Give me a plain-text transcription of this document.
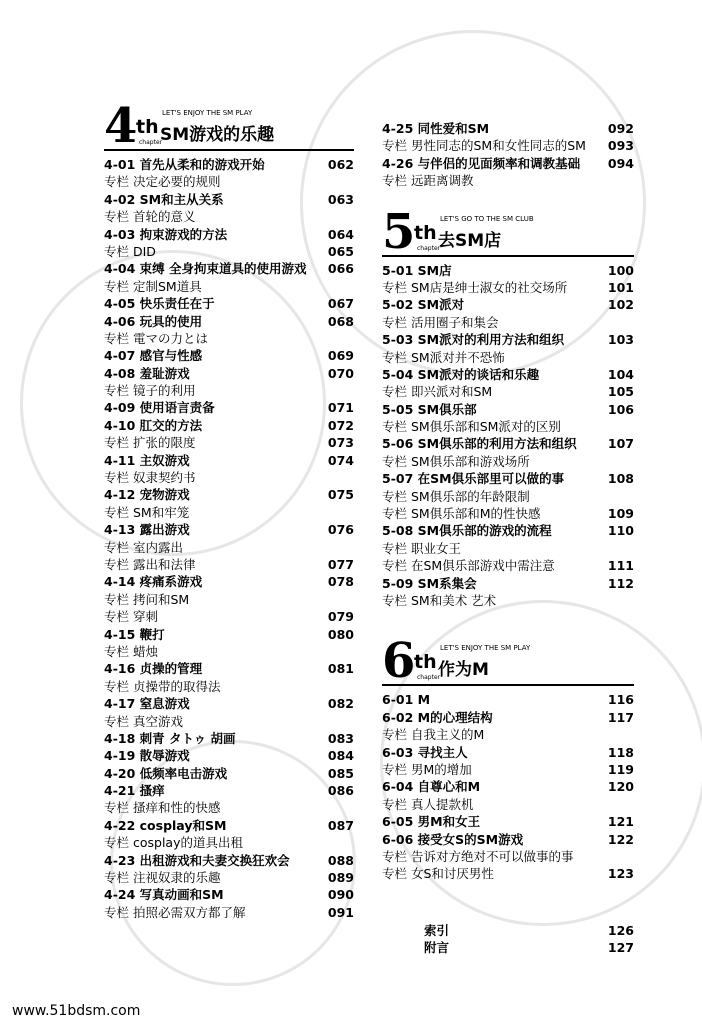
4 th
chapter
LET'S ENJOY THE SM PLAY
SM游戏的乐趣
4-01 首先从柔和的游戏开始	062
专栏 决定必要的规则
4-02 SM和主从关系	063
专栏 首轮的意义
4-03 拘束游戏的方法	064
专栏 DID	065
4-04 束缚 全身拘束道具的使用游戏 066
专栏 定制SM道具
4-05 快乐责任在于	067
4-06 玩具的使用	068
专栏 電マの力とは
4-07 感官与性感	069
4-08 羞耻游戏	070
专栏 镜子的利用
4-09 使用语言责备	071
4-10 肛交的方法	072
专栏 扩张的限度	073
4-11 主奴游戏	074
专栏 奴隶契约书
4-12 宠物游戏	075
专栏 SM和牢笼
4-13 露出游戏	076
专栏 室内露出
专栏 露出和法律	077
4-14 疼痛系游戏	078
专栏 拷问和SM
专栏 穿刺	079
4-15 鞭打	080
专栏 蜡烛
4-16 贞操的管理	081
专栏 贞操带的取得法
4-17 窒息游戏	082
专栏 真空游戏
4-18 刺青 タトゥ 胡画	083
4-19 散辱游戏	084
4-20 低频率电击游戏	085
4-21 搔痒	086
专栏 搔痒和性的快感
4-22 cosplay和SM	087
专栏 cosplay的道具出租
4-23 出租游戏和夫妻交换狂欢会	088
专栏 注视奴隶的乐趣	089
4-24 写真动画和SM	090
专栏 拍照必需双方都了解	091
4-25 同性爱和SM	092
专栏 男性同志的SM和女性同志的SM 093
4-26 与伴侣的见面频率和调教基础 094
专栏 远距离调教
5 th
chapter
LET'S GO TO THE SM CLUB
去SM店
5-01 SM店	100
专栏 SM店是绅士淑女的社交场所	101
5-02 SM派对	102
专栏 活用圈子和集会
5-03 SM派对的利用方法和组织	103
专栏 SM派对并不恐怖
5-04 SM派对的谈话和乐趣	104
专栏 即兴派对和SM	105
5-05 SM俱乐部	106
专栏 SM俱乐部和SM派对的区别
5-06 SM俱乐部的利用方法和组织	107
专栏 SM俱乐部和游戏场所
5-07 在SM俱乐部里可以做的事	108
专栏 SM俱乐部的年龄限制
专栏 SM俱乐部和M的性快感	109
5-08 SM俱乐部的游戏的流程	110
专栏 职业女王
专栏 在SM俱乐部游戏中需注意	111
5-09 SM系集会	112
专栏 SM和美术 艺术
6 th
chapter
LET'S ENJOY THE SM PLAY
作为M
6-01 M	116
6-02 M的心理结构	117
专栏 自我主义的M
6-03 寻找主人	118
专栏 男M的增加	119
6-04 自尊心和M	120
专栏 真人提款机
6-05 男M和女王	121
6-06 接受女S的SM游戏	122
专栏 告诉对方绝对不可以做事的事
专栏 女S和讨厌男性	123
索引	126
附言	127
www.51bdsm.com
